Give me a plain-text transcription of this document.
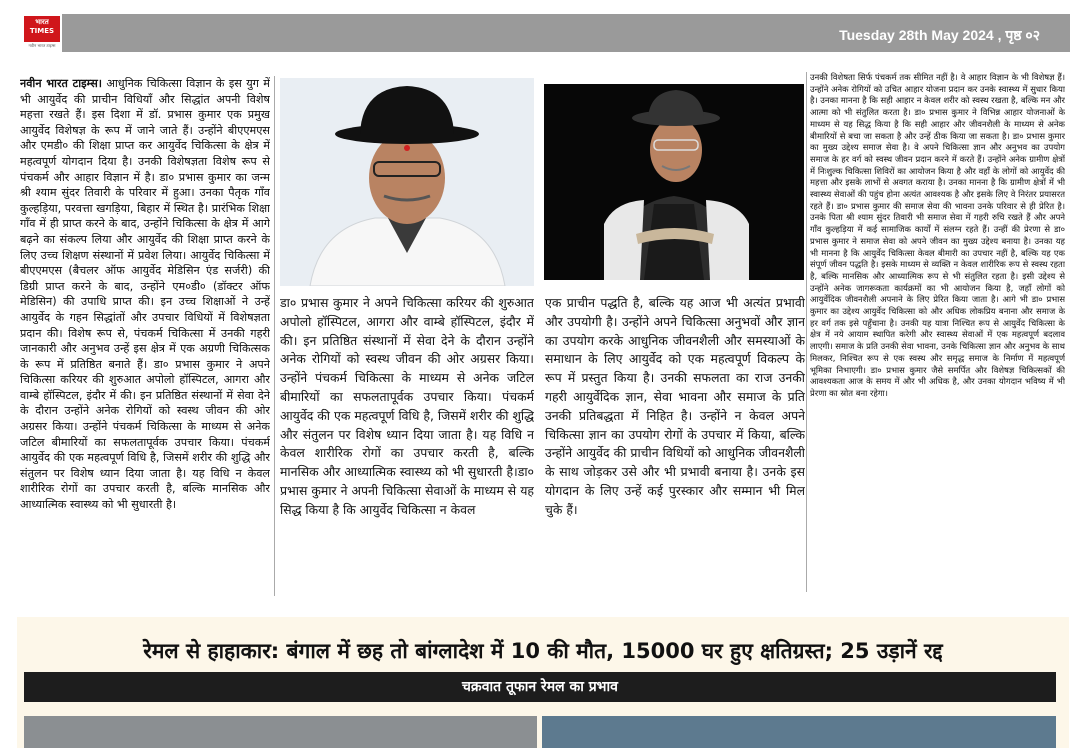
भारत
TIMES
नवीन भारत टाइम्स
Tuesday 28th May 2024 , पृष्ठ ०२
नवीन भारत टाइम्स। आधुनिक चिकित्सा विज्ञान के इस युग में भी आयुर्वेद की प्राचीन विधियाँ और सिद्धांत अपनी विशेष महत्ता रखते हैं। इस दिशा में डॉ. प्रभास कुमार एक प्रमुख आयुर्वेद विशेषज्ञ के रूप में जाने जाते हैं। उन्होंने बीएएमएस और एमडी० की शिक्षा प्राप्त कर आयुर्वेद चिकित्सा के क्षेत्र में महत्वपूर्ण योगदान दिया है। उनकी विशेषज्ञता विशेष रूप से पंचकर्म और आहार विज्ञान में है। डा० प्रभास कुमार का जन्म श्री श्याम सुंदर तिवारी के परिवार में हुआ। उनका पैतृक गाँव कुल्हड़िया, परवत्ता खगड़िया, बिहार में स्थित है। प्रारंभिक शिक्षा गाँव में ही प्राप्त करने के बाद, उन्होंने चिकित्सा के क्षेत्र में आगे बढ़ने का संकल्प लिया और आयुर्वेद की शिक्षा प्राप्त करने के लिए उच्च शिक्षण संस्थानों में प्रवेश लिया। आयुर्वेद चिकित्सा में बीएएमएस (बैचलर ऑफ आयुर्वेद मेडिसिन एंड सर्जरी) की डिग्री प्राप्त करने के बाद, उन्होंने एम०डी० (डॉक्टर ऑफ मेडिसिन) की उपाधि प्राप्त की। इन उच्च शिक्षाओं ने उन्हें आयुर्वेद के गहन सिद्धांतों और उपचार विधियों में विशेषज्ञता प्रदान की। विशेष रूप से, पंचकर्म चिकित्सा में उनकी गहरी जानकारी और अनुभव उन्हें इस क्षेत्र में एक अग्रणी चिकित्सक के रूप में प्रतिष्ठित बनाते हैं। डा० प्रभास कुमार ने अपने चिकित्सा करियर की शुरुआत अपोलो हॉस्पिटल, आगरा और वाम्बे हॉस्पिटल, इंदौर में की। इन प्रतिष्ठित संस्थानों में सेवा देने के दौरान उन्होंने अनेक रोगियों को स्वस्थ जीवन की ओर अग्रसर किया। उन्होंने पंचकर्म चिकित्सा के माध्यम से अनेक जटिल बीमारियों का सफलतापूर्वक उपचार किया। पंचकर्म आयुर्वेद की एक महत्वपूर्ण विधि है, जिसमें शरीर की शुद्धि और संतुलन पर विशेष ध्यान दिया जाता है। यह विधि न केवल शारीरिक रोगों का उपचार करती है, बल्कि मानसिक और आध्यात्मिक स्वास्थ्य को भी सुधारती है।
डा० प्रभास कुमार ने अपने चिकित्सा करियर की शुरुआत अपोलो हॉस्पिटल, आगरा और वाम्बे हॉस्पिटल, इंदौर में की। इन प्रतिष्ठित संस्थानों में सेवा देने के दौरान उन्होंने अनेक रोगियों को स्वस्थ जीवन की ओर अग्रसर किया। उन्होंने पंचकर्म चिकित्सा के माध्यम से अनेक जटिल बीमारियों का सफलतापूर्वक उपचार किया। पंचकर्म आयुर्वेद की एक महत्वपूर्ण विधि है, जिसमें शरीर की शुद्धि और संतुलन पर विशेष ध्यान दिया जाता है। यह विधि न केवल शारीरिक रोगों का उपचार करती है, बल्कि मानसिक और आध्यात्मिक स्वास्थ्य को भी सुधारती है।डा० प्रभास कुमार ने अपनी चिकित्सा सेवाओं के माध्यम से यह सिद्ध किया है कि आयुर्वेद चिकित्सा न केवल
एक प्राचीन पद्धति है, बल्कि यह आज भी अत्यंत प्रभावी और उपयोगी है। उन्होंने अपने चिकित्सा अनुभवों और ज्ञान का उपयोग करके आधुनिक जीवनशैली और समस्याओं के समाधान के लिए आयुर्वेद को एक महत्वपूर्ण विकल्प के रूप में प्रस्तुत किया है। उनकी सफलता का राज उनकी गहरी आयुर्वेदिक ज्ञान, सेवा भावना और समाज के प्रति उनकी प्रतिबद्धता में निहित है। उन्होंने न केवल अपने चिकित्सा ज्ञान का उपयोग रोगों के उपचार में किया, बल्कि उन्होंने आयुर्वेद की प्राचीन विधियों को आधुनिक जीवनशैली के साथ जोड़कर उसे और भी प्रभावी बनाया है। उनके इस योगदान के लिए उन्हें कई पुरस्कार और सम्मान भी मिल चुके हैं।
उनकी विशेषता सिर्फ पंचकर्म तक सीमित नहीं है। वे आहार विज्ञान के भी विशेषज्ञ हैं। उन्होंने अनेक रोगियों को उचित आहार योजना प्रदान कर उनके स्वास्थ्य में सुधार किया है। उनका मानना है कि सही आहार न केवल शरीर को स्वस्थ रखता है, बल्कि मन और आत्मा को भी संतुलित करता है। डा० प्रभास कुमार ने विभिन्न आहार योजनाओं के माध्यम से यह सिद्ध किया है कि सही आहार और जीवनशैली के माध्यम से अनेक बीमारियों से बचा जा सकता है और उन्हें ठीक किया जा सकता है। डा० प्रभास कुमार का मुख्य उद्देश्य समाज सेवा है। वे अपने चिकित्सा ज्ञान और अनुभव का उपयोग समाज के हर वर्ग को स्वस्थ जीवन प्रदान करने में करते हैं। उन्होंने अनेक ग्रामीण क्षेत्रों में निःशुल्क चिकित्सा शिविरों का आयोजन किया है और वहाँ के लोगों को आयुर्वेद की महत्ता और इसके लाभों से अवगत कराया है। उनका मानना है कि ग्रामीण क्षेत्रों में भी स्वास्थ्य सेवाओं की पहुंच होना अत्यंत आवश्यक है और इसके लिए वे निरंतर प्रयासरत रहते हैं। डा० प्रभास कुमार की समाज सेवा की भावना उनके परिवार से ही प्रेरित है। उनके पिता श्री श्याम सुंदर तिवारी भी समाज सेवा में गहरी रुचि रखते हैं और अपने गाँव कुल्हड़िया में कई सामाजिक कार्यों में संलग्न रहते हैं। उन्हीं की प्रेरणा से डा० प्रभास कुमार ने समाज सेवा को अपने जीवन का मुख्य उद्देश्य बनाया है। उनका यह भी मानना है कि आयुर्वेद चिकित्सा केवल बीमारी का उपचार नहीं है, बल्कि यह एक संपूर्ण जीवन पद्धति है। इसके माध्यम से व्यक्ति न केवल शारीरिक रूप से स्वस्थ रहता है, बल्कि मानसिक और आध्यात्मिक रूप से भी संतुलित रहता है। इसी उद्देश्य से उन्होंने अनेक जागरूकता कार्यक्रमों का भी आयोजन किया है, जहाँ लोगों को आयुर्वेदिक जीवनशैली अपनाने के लिए प्रेरित किया जाता है। आगे भी डा० प्रभास कुमार का उद्देश्य आयुर्वेद चिकित्सा को और अधिक लोकप्रिय बनाना और समाज के हर वर्ग तक इसे पहुँचाना है। उनकी यह यात्रा निश्चित रूप से आयुर्वेद चिकित्सा के क्षेत्र में नये आयाम स्थापित करेगी और स्वास्थ्य सेवाओं में एक महत्वपूर्ण बदलाव लाएगी। समाज के प्रति उनकी सेवा भावना, उनके चिकित्सा ज्ञान और अनुभव के साथ मिलकर, निश्चित रूप से एक स्वस्थ और समृद्ध समाज के निर्माण में महत्वपूर्ण भूमिका निभाएगी। डा० प्रभास कुमार जैसे समर्पित और विशेषज्ञ चिकित्सकों की आवश्यकता आज के समय में और भी अधिक है, और उनका योगदान भविष्य में भी प्रेरणा का स्रोत बना रहेगा।
रेमल से हाहाकार: बंगाल में छह तो बांग्लादेश में 10 की मौत, 15000 घर हुए क्षतिग्रस्त; 25 उड़ानें रद्द
चक्रवात तूफान रेमल का प्रभाव
